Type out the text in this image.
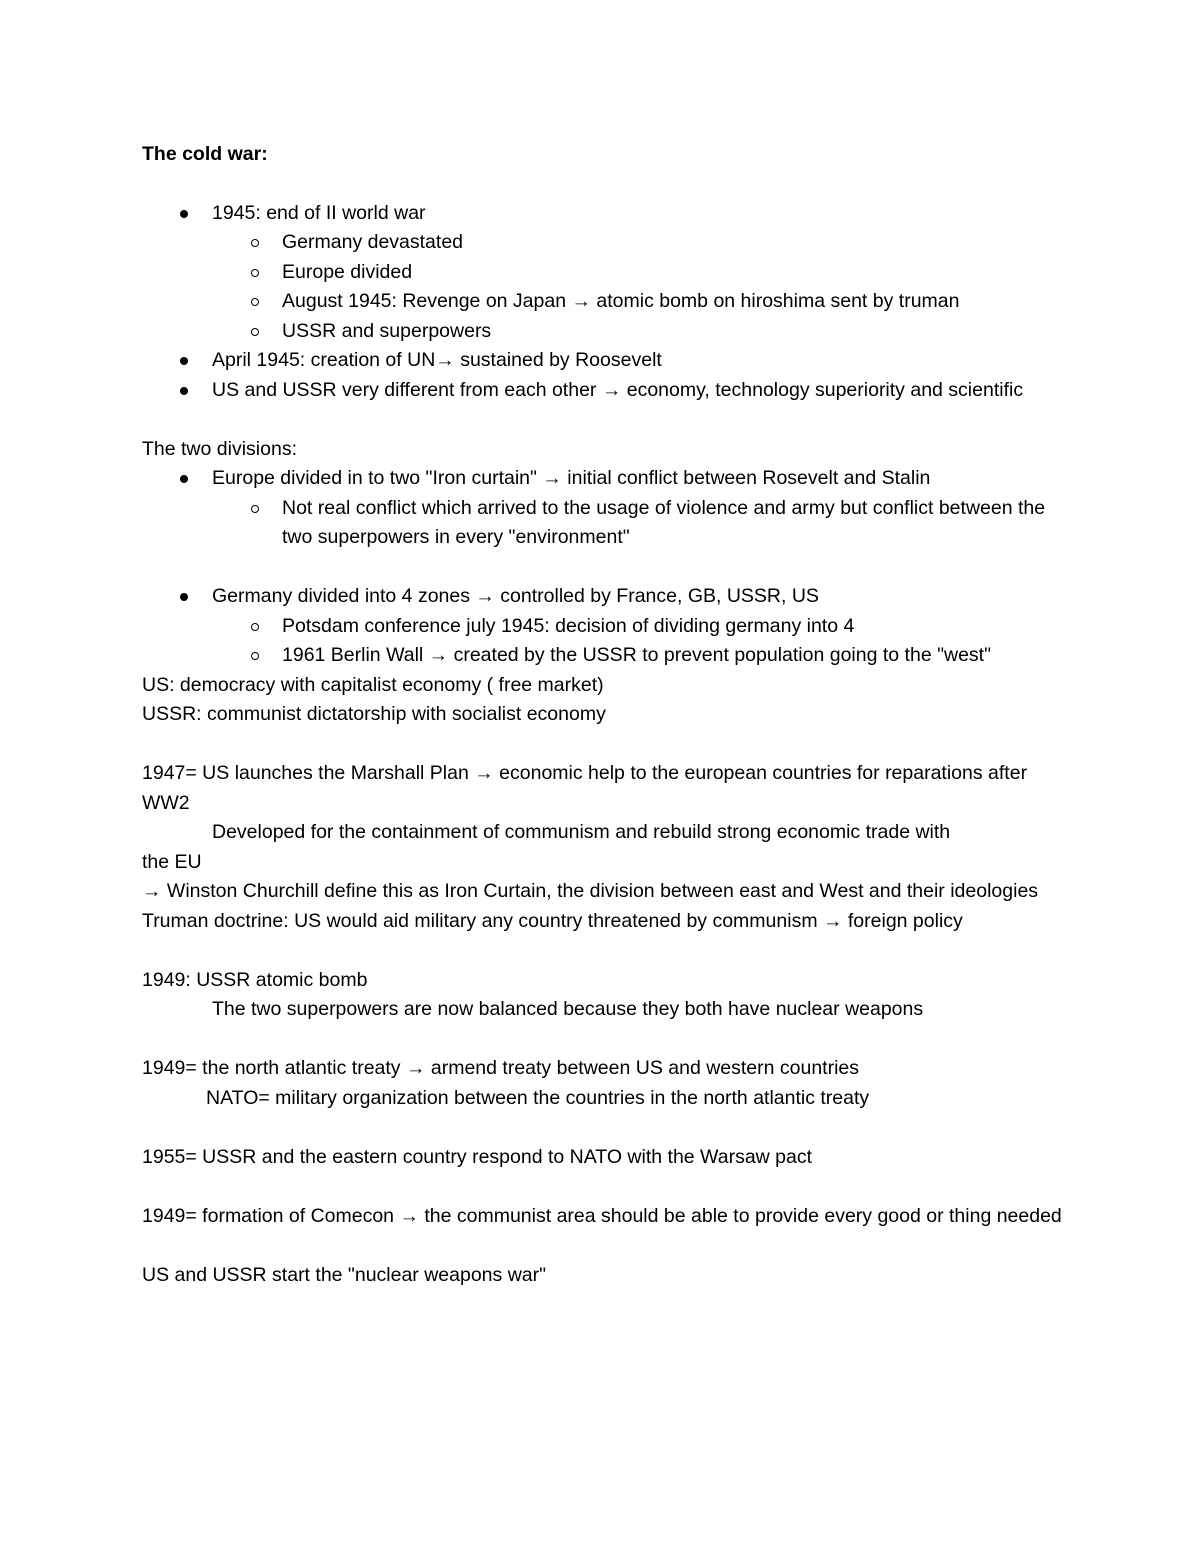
The cold war:
1945: end of II world war
Germany devastated
Europe divided
August 1945: Revenge on Japan → atomic bomb on hiroshima sent by truman
USSR and superpowers
April 1945: creation of UN→ sustained by Roosevelt
US and USSR very different from each other → economy, technology superiority and scientific
The two divisions:
Europe divided in to two "Iron curtain" → initial conflict between Rosevelt and Stalin
Not real conflict which arrived to the usage of violence and army but conflict between the two superpowers in every "environment"
Germany divided into 4 zones → controlled by France, GB, USSR, US
Potsdam conference july 1945: decision of dividing germany into 4
1961 Berlin Wall → created by the USSR to prevent population going to the "west"
US: democracy with capitalist economy ( free market)
USSR: communist dictatorship with socialist economy
1947= US launches the Marshall Plan → economic help to the european countries for reparations after WW2
Developed for the containment of communism and rebuild strong economic trade with
the EU
→ Winston Churchill define this as Iron Curtain, the division between east and West and their ideologies
Truman doctrine: US would aid military any country threatened by communism → foreign policy
1949: USSR atomic bomb
The two superpowers are now balanced because they both have nuclear weapons
1949= the north atlantic treaty → armend treaty between US and western countries
NATO= military organization between the countries in the north atlantic treaty
1955= USSR and the eastern country respond to NATO with the Warsaw pact
1949= formation of Comecon → the communist area should be able to provide every good or thing needed
US and USSR start the "nuclear weapons war"
